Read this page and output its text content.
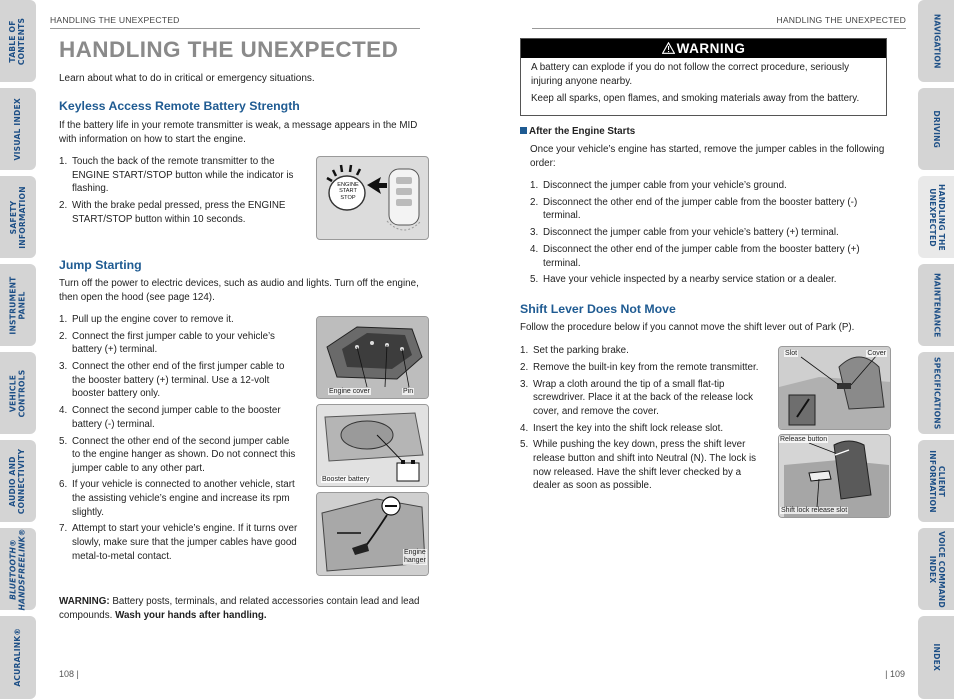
TABLE OF
CONTENTS
VISUAL INDEX
SAFETY
INFORMATION
INSTRUMENT
PANEL
VEHICLE
CONTROLS
AUDIO AND
CONNECTIVITY
BLUETOOTH®
HANDSFREELINK®
ACURALINK®
NAVIGATION
DRIVING
HANDLING THE
UNEXPECTED
MAINTENANCE
SPECIFICATIONS
CLIENT
INFORMATION
VOICE COMMAND
INDEX
INDEX
HANDLING THE UNEXPECTED	HANDLING THE UNEXPECTED
HANDLING THE UNEXPECTED
Learn about what to do in critical or emergency situations.
Keyless Access Remote Battery Strength
If the battery life in your remote transmitter is weak, a message appears in the MID with information on how to start the engine.
1. Touch the back of the remote transmitter to the ENGINE START/STOP button while the indicator is flashing.
2. With the brake pedal pressed, press the ENGINE START/STOP button within 10 seconds.
ENGINE
START
STOP
Jump Starting
Turn off the power to electric devices, such as audio and lights. Turn off the engine, then open the hood (see page 124).
1. Pull up the engine cover to remove it.
2. Connect the first jumper cable to your vehicle’s battery (+) terminal.
3. Connect the other end of the first jumper cable to the booster battery (+) terminal. Use a 12-volt booster battery only.
4. Connect the second jumper cable to the booster battery (-) terminal.
5. Connect the other end of the second jumper cable to the engine hanger as shown. Do not connect this jumper cable to any other part.
6. If your vehicle is connected to another vehicle, start the assisting vehicle’s engine and increase its rpm slightly.
7. Attempt to start your vehicle’s engine. If it turns over slowly, make sure that the jumper cables have good metal-to-metal contact.
Engine cover	Pin
Booster battery
Engine
hanger
WARNING: Battery posts, terminals, and related accessories contain lead and lead compounds. Wash your hands after handling.
108 |
WARNING

A battery can explode if you do not follow the correct procedure, seriously injuring anyone nearby.

Keep all sparks, open flames, and smoking materials away from the battery.

After the Engine Starts
Once your vehicle’s engine has started, remove the jumper cables in the following order:
1. Disconnect the jumper cable from your vehicle’s ground.
2. Disconnect the other end of the jumper cable from the booster battery (-) terminal.
3. Disconnect the jumper cable from your vehicle’s battery (+) terminal.
4. Disconnect the other end of the jumper cable from the booster battery (+) terminal.
5. Have your vehicle inspected by a nearby service station or a dealer.
Shift Lever Does Not Move
Follow the procedure below if you cannot move the shift lever out of Park (P).
1. Set the parking brake.
2. Remove the built-in key from the remote transmitter.
3. Wrap a cloth around the tip of a small flat-tip screwdriver. Place it at the back of the release lock cover, and remove the cover.
4. Insert the key into the shift lock release slot.
5. While pushing the key down, press the shift lever release button and shift into Neutral (N). The lock is now released. Have the shift lever checked by a dealer as soon as possible.
Slot	Cover
Release button
Shift lock release slot
| 109
